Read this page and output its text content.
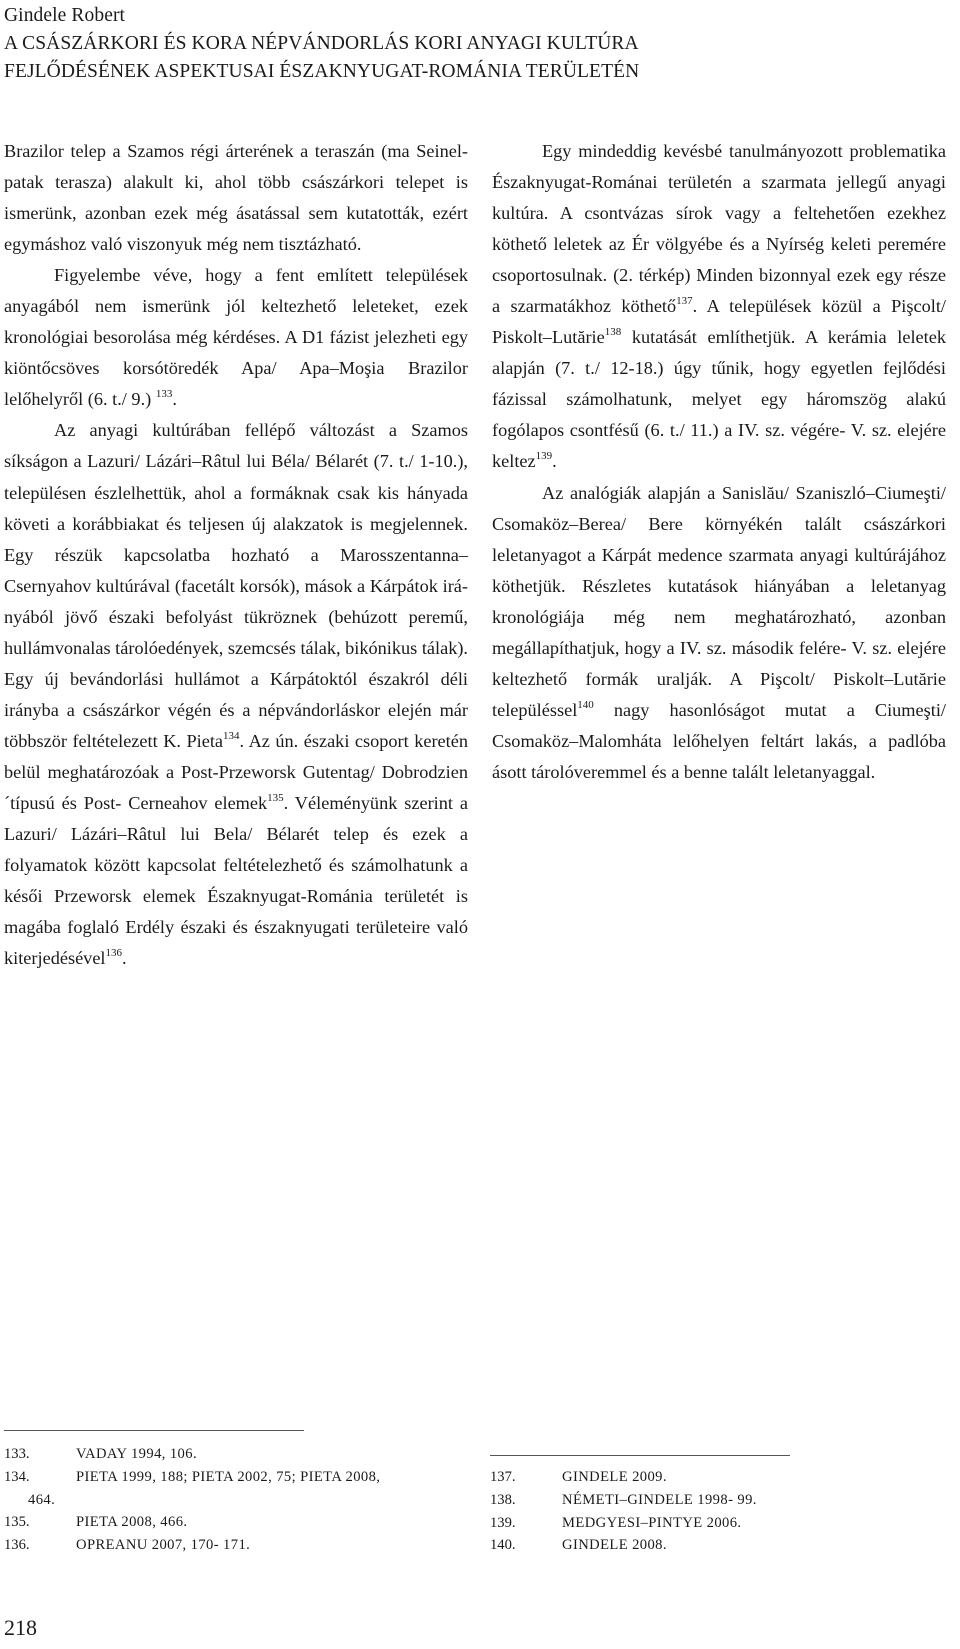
Gindele Robert
A CSÁSZÁRKORI ÉS KORA NÉPVÁNDORLÁS KORI ANYAGI KULTÚRA
FEJLŐDÉSÉNEK ASPEKTUSAI ÉSZAKNYUGAT-ROMÁNIA TERÜLETÉN

Brazilor telep a Szamos régi árterének a teraszán (ma Seinel-patak terasza) alakult ki, ahol több császárkori telepet is ismerünk, azonban ezek még ásatással sem kutatották, ezért egymáshoz való viszonyuk még nem tisztázható.

Figyelembe véve, hogy a fent említett települések anyagából nem ismerünk jól keltezhető leleteket, ezek kronológiai besorolása még kérdéses. A D1 fázist jelezheti egy kiöntőcsöves korsótöredék Apa/ Apa–Moşia Brazilor lelőhelyről (6. t./ 9.) $^{133}$.

Az anyagi kultúrában fellépő változást a Szamos síkságon a Lazuri/ Lázári–Râtul lui Béla/ Bélarét (7. t./ 1-10.), településen észlelhettük, ahol a formáknak csak kis hányada követi a korábbiakat és teljesen új alakzatok is megjelennek. Egy részük kapcsolatba hozható a Marosszentanna–Csernyahov kultúrával (facetált korsók), mások a Kárpátok irányából jövő északi befolyást tükröznek (behúzott peremű, hullámvonalas tárolóedények, szemcsés tálak, bikónikus tálak). Egy új bevándorlási hullámot a Kárpátoktól északról déli irányba a császárkor végén és a népvándorláskor elején már többször feltételezett K. Pieta$^{134}$. Az ún. északi csoport keretén belül meghatározóak a Post-Przeworsk Gutentag/ Dobrodzien´típusú és Post- Cerneahov elemek$^{135}$. Véleményünk szerint a Lazuri/ Lázári–Râtul lui Bela/ Bélarét telep és ezek a folyamatok között kapcsolat feltételezhető és számolhatunk a késői Przeworsk elemek Északnyugat-Románia területét is magába foglaló Erdély északi és északnyugati területeire való kiterjedésével$^{136}$.

Egy mindeddig kevésbé tanulmányozott problematika Északnyugat-Románai területén a szarmata jellegű anyagi kultúra. A csontvázas sírok vagy a feltehetően ezekhez köthető leletek az Ér völgyébe és a Nyírség keleti peremére csoportosulnak. (2. térkép) Minden bizonnyal ezek egy része a szarmatákhoz köthető$^{137}$. A települések közül a Pişcolt/ Piskolt–Lutărie$^{138}$ kutatását említhetjük. A kerámia leletek alapján (7. t./ 12-18.) úgy tűnik, hogy egyetlen fejlődési fázissal számolhatunk, melyet egy háromszög alakú fogólapos csontfésű (6. t./ 11.) a IV. sz. végére- V. sz. elejére keltez$^{139}$.

Az analógiák alapján a Sanislău/ Szaniszló–Ciumeşti/ Csomaköz–Berea/ Bere környékén talált császárkori leletanyagot a Kárpát medence szarmata anyagi kultúrájához köthetjük. Részletes kutatások hiányában a leletanyag kronológiája még nem meghatározható, azonban megállapíthatjuk, hogy a IV. sz. második felére- V. sz. elejére keltezhető formák uralják. A Pişcolt/ Piskolt–Lutărie településsel$^{140}$ nagy hasonlóságot mutat a Ciumeşti/ Csomaköz–Malomháta lelőhelyen feltárt lakás, a padlóba ásott tárolóveremmel és a benne talált leletanyaggal.

133.	VADAY 1994, 106.
134.	PIETA 1999, 188; PIETA 2002, 75; PIETA 2008,
464.
135.	PIETA 2008, 466.
136.	OPREANU 2007, 170- 171.
137.	GINDELE 2009.
138.	NÉMETI–GINDELE 1998- 99.
139.	MEDGYESI–PINTYE 2006.
140.	GINDELE 2008.
218
